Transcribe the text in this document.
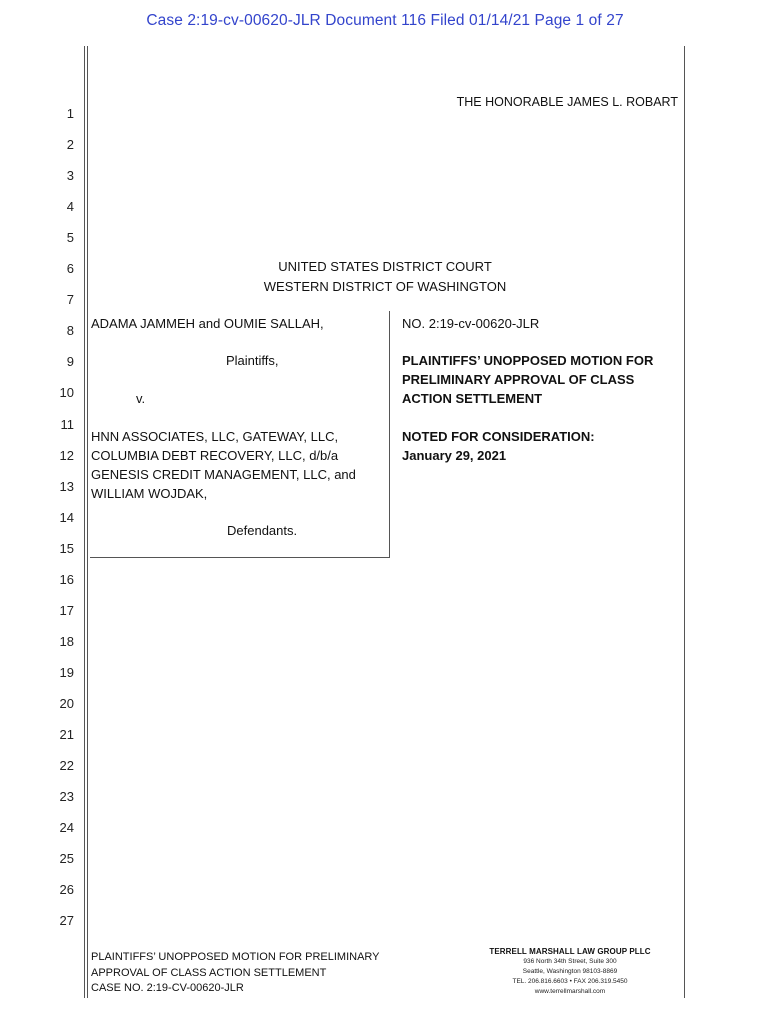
Case 2:19-cv-00620-JLR Document 116 Filed 01/14/21 Page 1 of 27
1
2
3
4
5
6
7
8
9
10
11
12
13
14
15
16
17
18
19
20
21
22
23
24
25
26
27
THE HONORABLE JAMES L. ROBART
UNITED STATES DISTRICT COURT
WESTERN DISTRICT OF WASHINGTON
ADAMA JAMMEH and OUMIE SALLAH,
Plaintiffs,
v.
HNN ASSOCIATES, LLC, GATEWAY, LLC,
COLUMBIA DEBT RECOVERY, LLC, d/b/a
GENESIS CREDIT MANAGEMENT, LLC, and
WILLIAM WOJDAK,
Defendants.
NO. 2:19-cv-00620-JLR
PLAINTIFFS’ UNOPPOSED MOTION FOR
PRELIMINARY APPROVAL OF CLASS
ACTION SETTLEMENT
NOTED FOR CONSIDERATION:
January 29, 2021
PLAINTIFFS’ UNOPPOSED MOTION FOR PRELIMINARY
APPROVAL OF CLASS ACTION SETTLEMENT
CASE NO. 2:19-CV-00620-JLR
TERRELL MARSHALL LAW GROUP PLLC
936 North 34th Street, Suite 300
Seattle, Washington 98103-8869
TEL. 206.816.6603 • FAX 206.319.5450
www.terrellmarshall.com
